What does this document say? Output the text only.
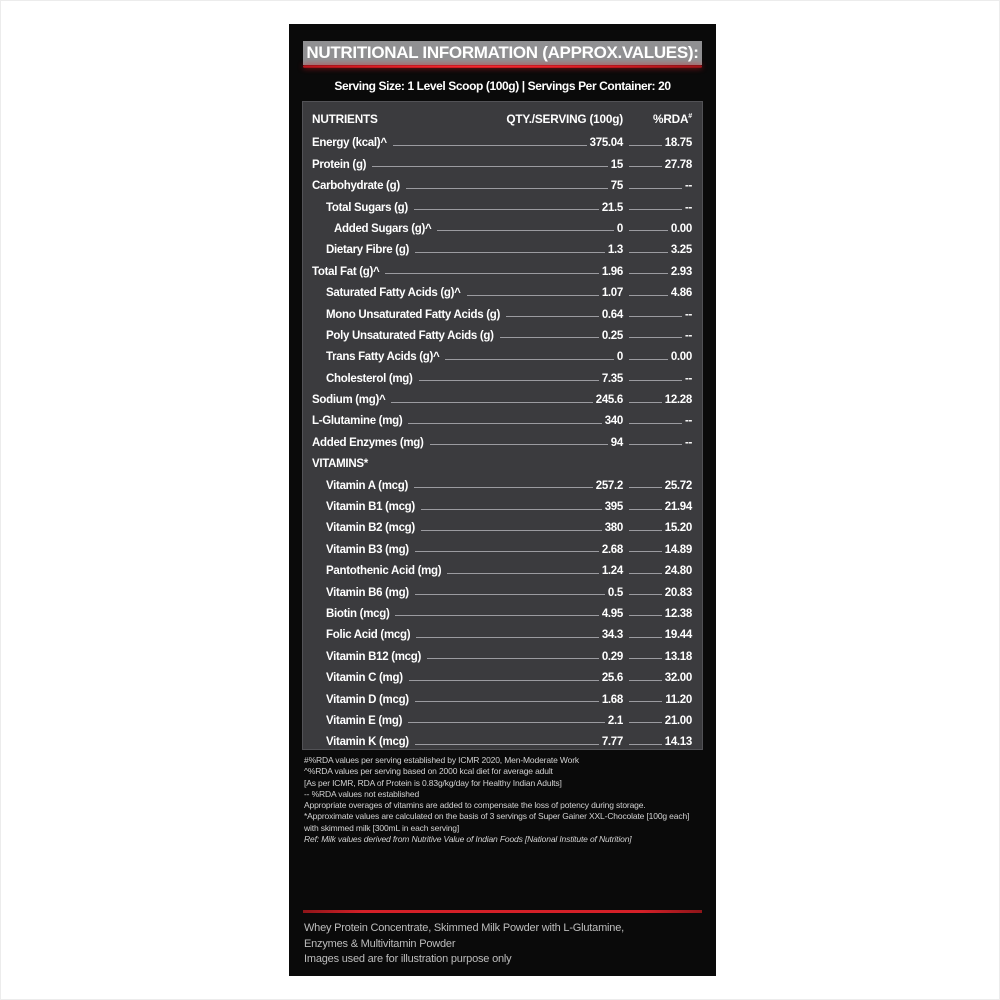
NUTRITIONAL INFORMATION (APPROX.VALUES):
Serving Size: 1 Level Scoop (100g) | Servings Per Container: 20
NUTRIENTS	QTY./SERVING (100g)	%RDA#
Energy (kcal)^	375.04	18.75
Protein (g)	15	27.78
Carbohydrate (g)	75	--
Total Sugars (g)	21.5	--
Added Sugars (g)^	0	0.00
Dietary Fibre (g)	1.3	3.25
Total Fat (g)^	1.96	2.93
Saturated Fatty Acids (g)^	1.07	4.86
Mono Unsaturated Fatty Acids (g)	0.64	--
Poly Unsaturated Fatty Acids (g)	0.25	--
Trans Fatty Acids (g)^	0	0.00
Cholesterol (mg)	7.35	--
Sodium (mg)^	245.6	12.28
L-Glutamine (mg)	340	--
Added Enzymes (mg)	94	--
VITAMINS*
Vitamin A (mcg)	257.2	25.72
Vitamin B1 (mcg)	395	21.94
Vitamin B2 (mcg)	380	15.20
Vitamin B3 (mg)	2.68	14.89
Pantothenic Acid (mg)	1.24	24.80
Vitamin B6 (mg)	0.5	20.83
Biotin (mcg)	4.95	12.38
Folic Acid (mcg)	34.3	19.44
Vitamin B12 (mcg)	0.29	13.18
Vitamin C (mg)	25.6	32.00
Vitamin D (mcg)	1.68	11.20
Vitamin E (mg)	2.1	21.00
Vitamin K (mcg)	7.77	14.13
#%RDA values per serving established by ICMR 2020, Men-Moderate Work
^%RDA values per serving based on 2000 kcal diet for average adult
[As per ICMR, RDA of Protein is 0.83g/kg/day for Healthy Indian Adults]
-- %RDA values not established
Appropriate overages of vitamins are added to compensate the loss of potency during storage.
*Approximate values are calculated on the basis of 3 servings of Super Gainer XXL-Chocolate [100g each]
with skimmed milk [300mL in each serving]
Ref: Milk values derived from Nutritive Value of Indian Foods [National Institute of Nutrition]
Whey Protein Concentrate, Skimmed Milk Powder with L-Glutamine,
Enzymes & Multivitamin Powder
Images used are for illustration purpose only
